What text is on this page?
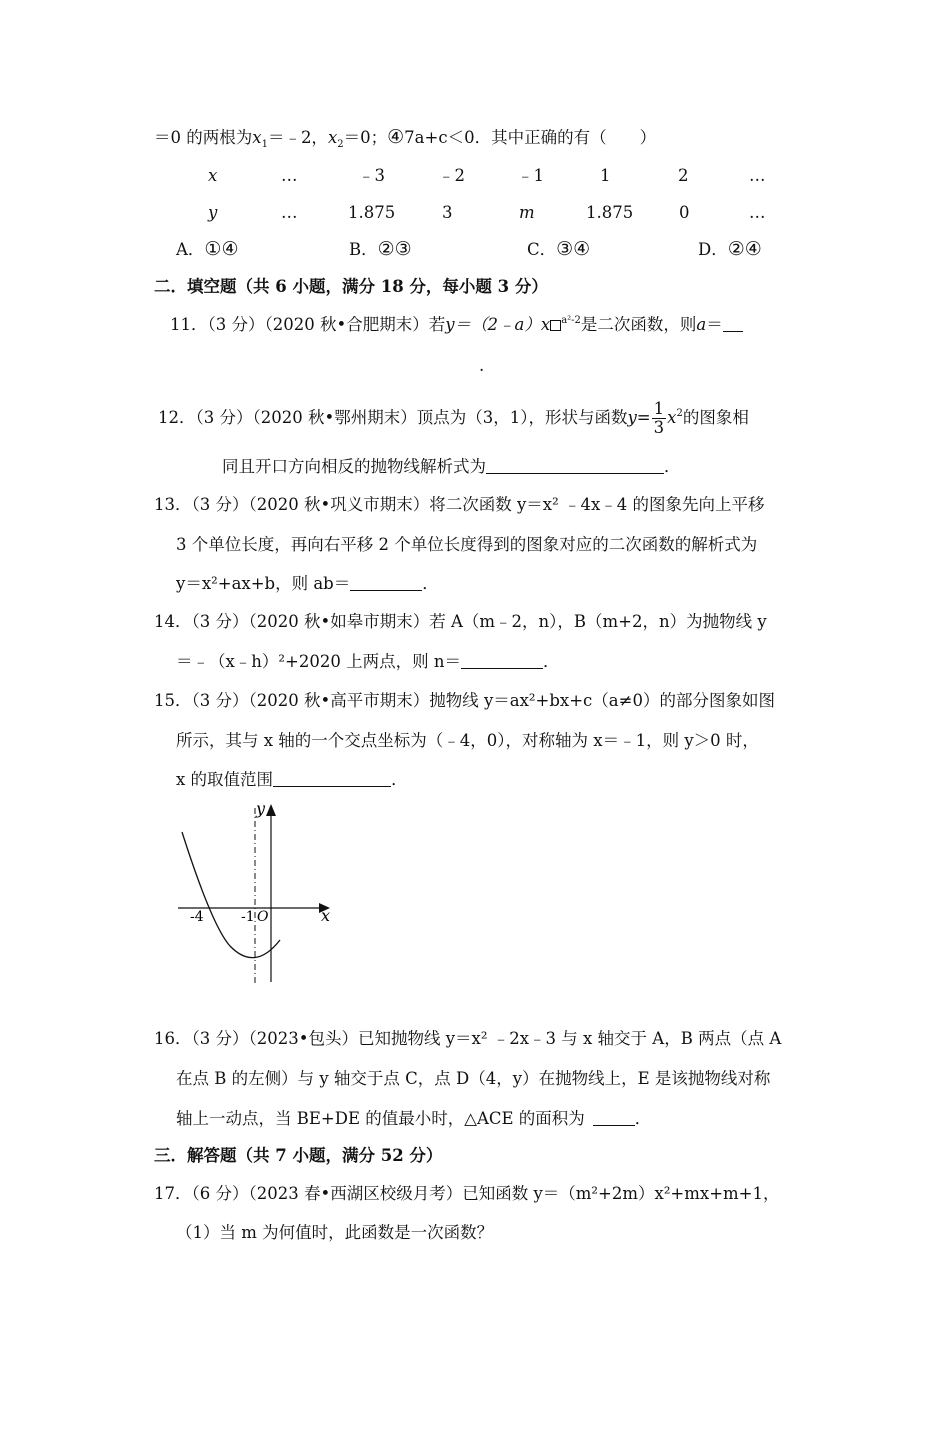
＝0 的两根为$x_1=﹣2$，$x_2=0$；④7a+c＜0．其中正确的有（　　）
x	…	﹣3	﹣2	﹣1	1	2	…
y	…	1.875	3	m	1.875	0	…
A．①④	B．②③	C．③④	D．②④
二．填空题（共 6 小题，满分 18 分，每小题 3 分）
11．（3 分）（2020 秋•合肥期末）若y＝（2﹣a）x $^{a^2-2}$是二次函数，则a＝
.
12．（3 分）（2020 秋•鄂州期末）顶点为（3，1），形状与函数$y= \frac{1}{3} x^2$的图象相
同且开口方向相反的抛物线解析式为	．
13．（3 分）（2020 秋•巩义市期末）将二次函数 y＝x² ﹣4x﹣4 的图象先向上平移
3 个单位长度，再向右平移 2 个单位长度得到的图象对应的二次函数的解析式为
y＝x²+ax+b，则 ab＝	．
14．（3 分）（2020 秋•如皋市期末）若 A（m﹣2，n），B（m+2，n）为抛物线 y
＝﹣（x﹣h）²+2020 上两点，则 n＝	．
15．（3 分）（2020 秋•高平市期末）抛物线 y＝ax²+bx+c（a≠0）的部分图象如图
所示，其与 x 轴的一个交点坐标为（﹣4，0），对称轴为 x＝﹣1，则 y＞0 时，
x 的取值范围	．
y
x
-4	-1 O
16．（3 分）（2023•包头）已知抛物线 y＝x² ﹣2x﹣3 与 x 轴交于 A，B 两点（点 A
在点 B 的左侧）与 y 轴交于点 C，点 D（4，y）在抛物线上，E 是该抛物线对称
轴上一动点，当 BE+DE 的值最小时，△ACE 的面积为	．
三．解答题（共 7 小题，满分 52 分）
17．（6 分）（2023 春•西湖区校级月考）已知函数 y＝（m²+2m）x²+mx+m+1，
（1）当 m 为何值时，此函数是一次函数？
